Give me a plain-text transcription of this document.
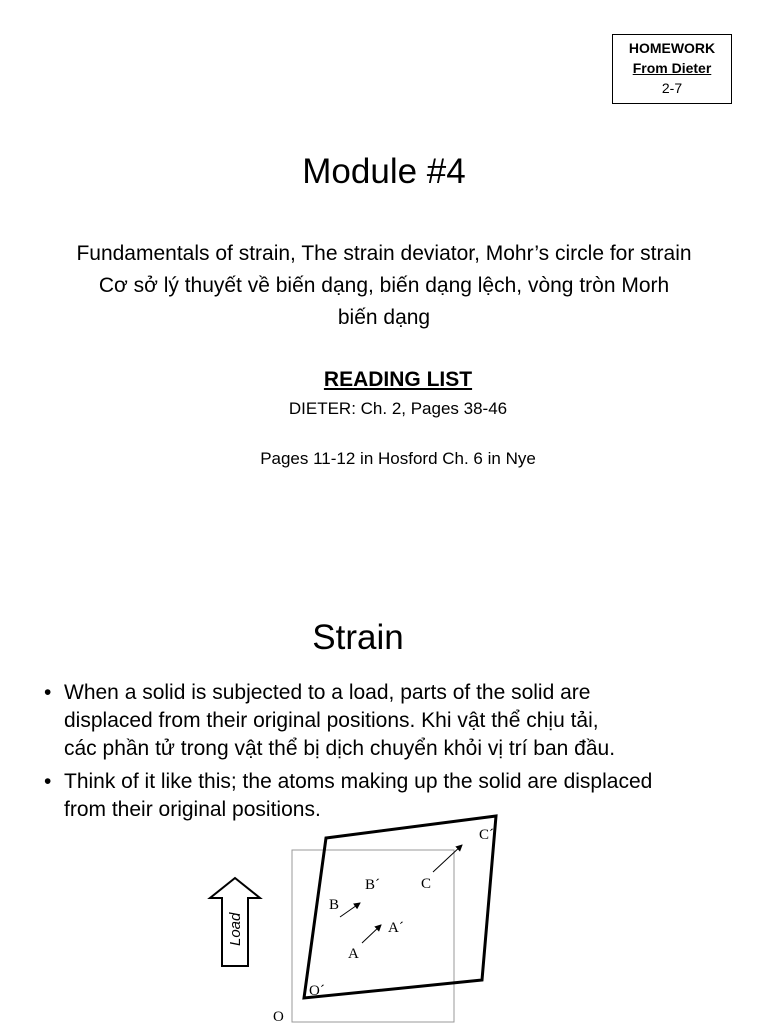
HOMEWORK
From Dieter
2-7
Module #4
Fundamentals of strain, The strain deviator, Mohr’s circle for strain
Cơ sở lý thuyết về biến dạng, biến dạng lệch, vòng tròn Morh
biến dạng
READING LIST
DIETER: Ch. 2, Pages 38-46
Pages 11-12 in Hosford Ch. 6 in Nye
Strain
• When a solid is subjected to a load, parts of the solid are
displaced from their original positions. Khi vật thể chịu tải,
các phần tử trong vật thể bị dịch chuyển khỏi vị trí ban đầu.
• Think of it like this; the atoms making up the solid are displaced
from their original positions.
Load
O
O´
A
A´
B
B´	C
C´
